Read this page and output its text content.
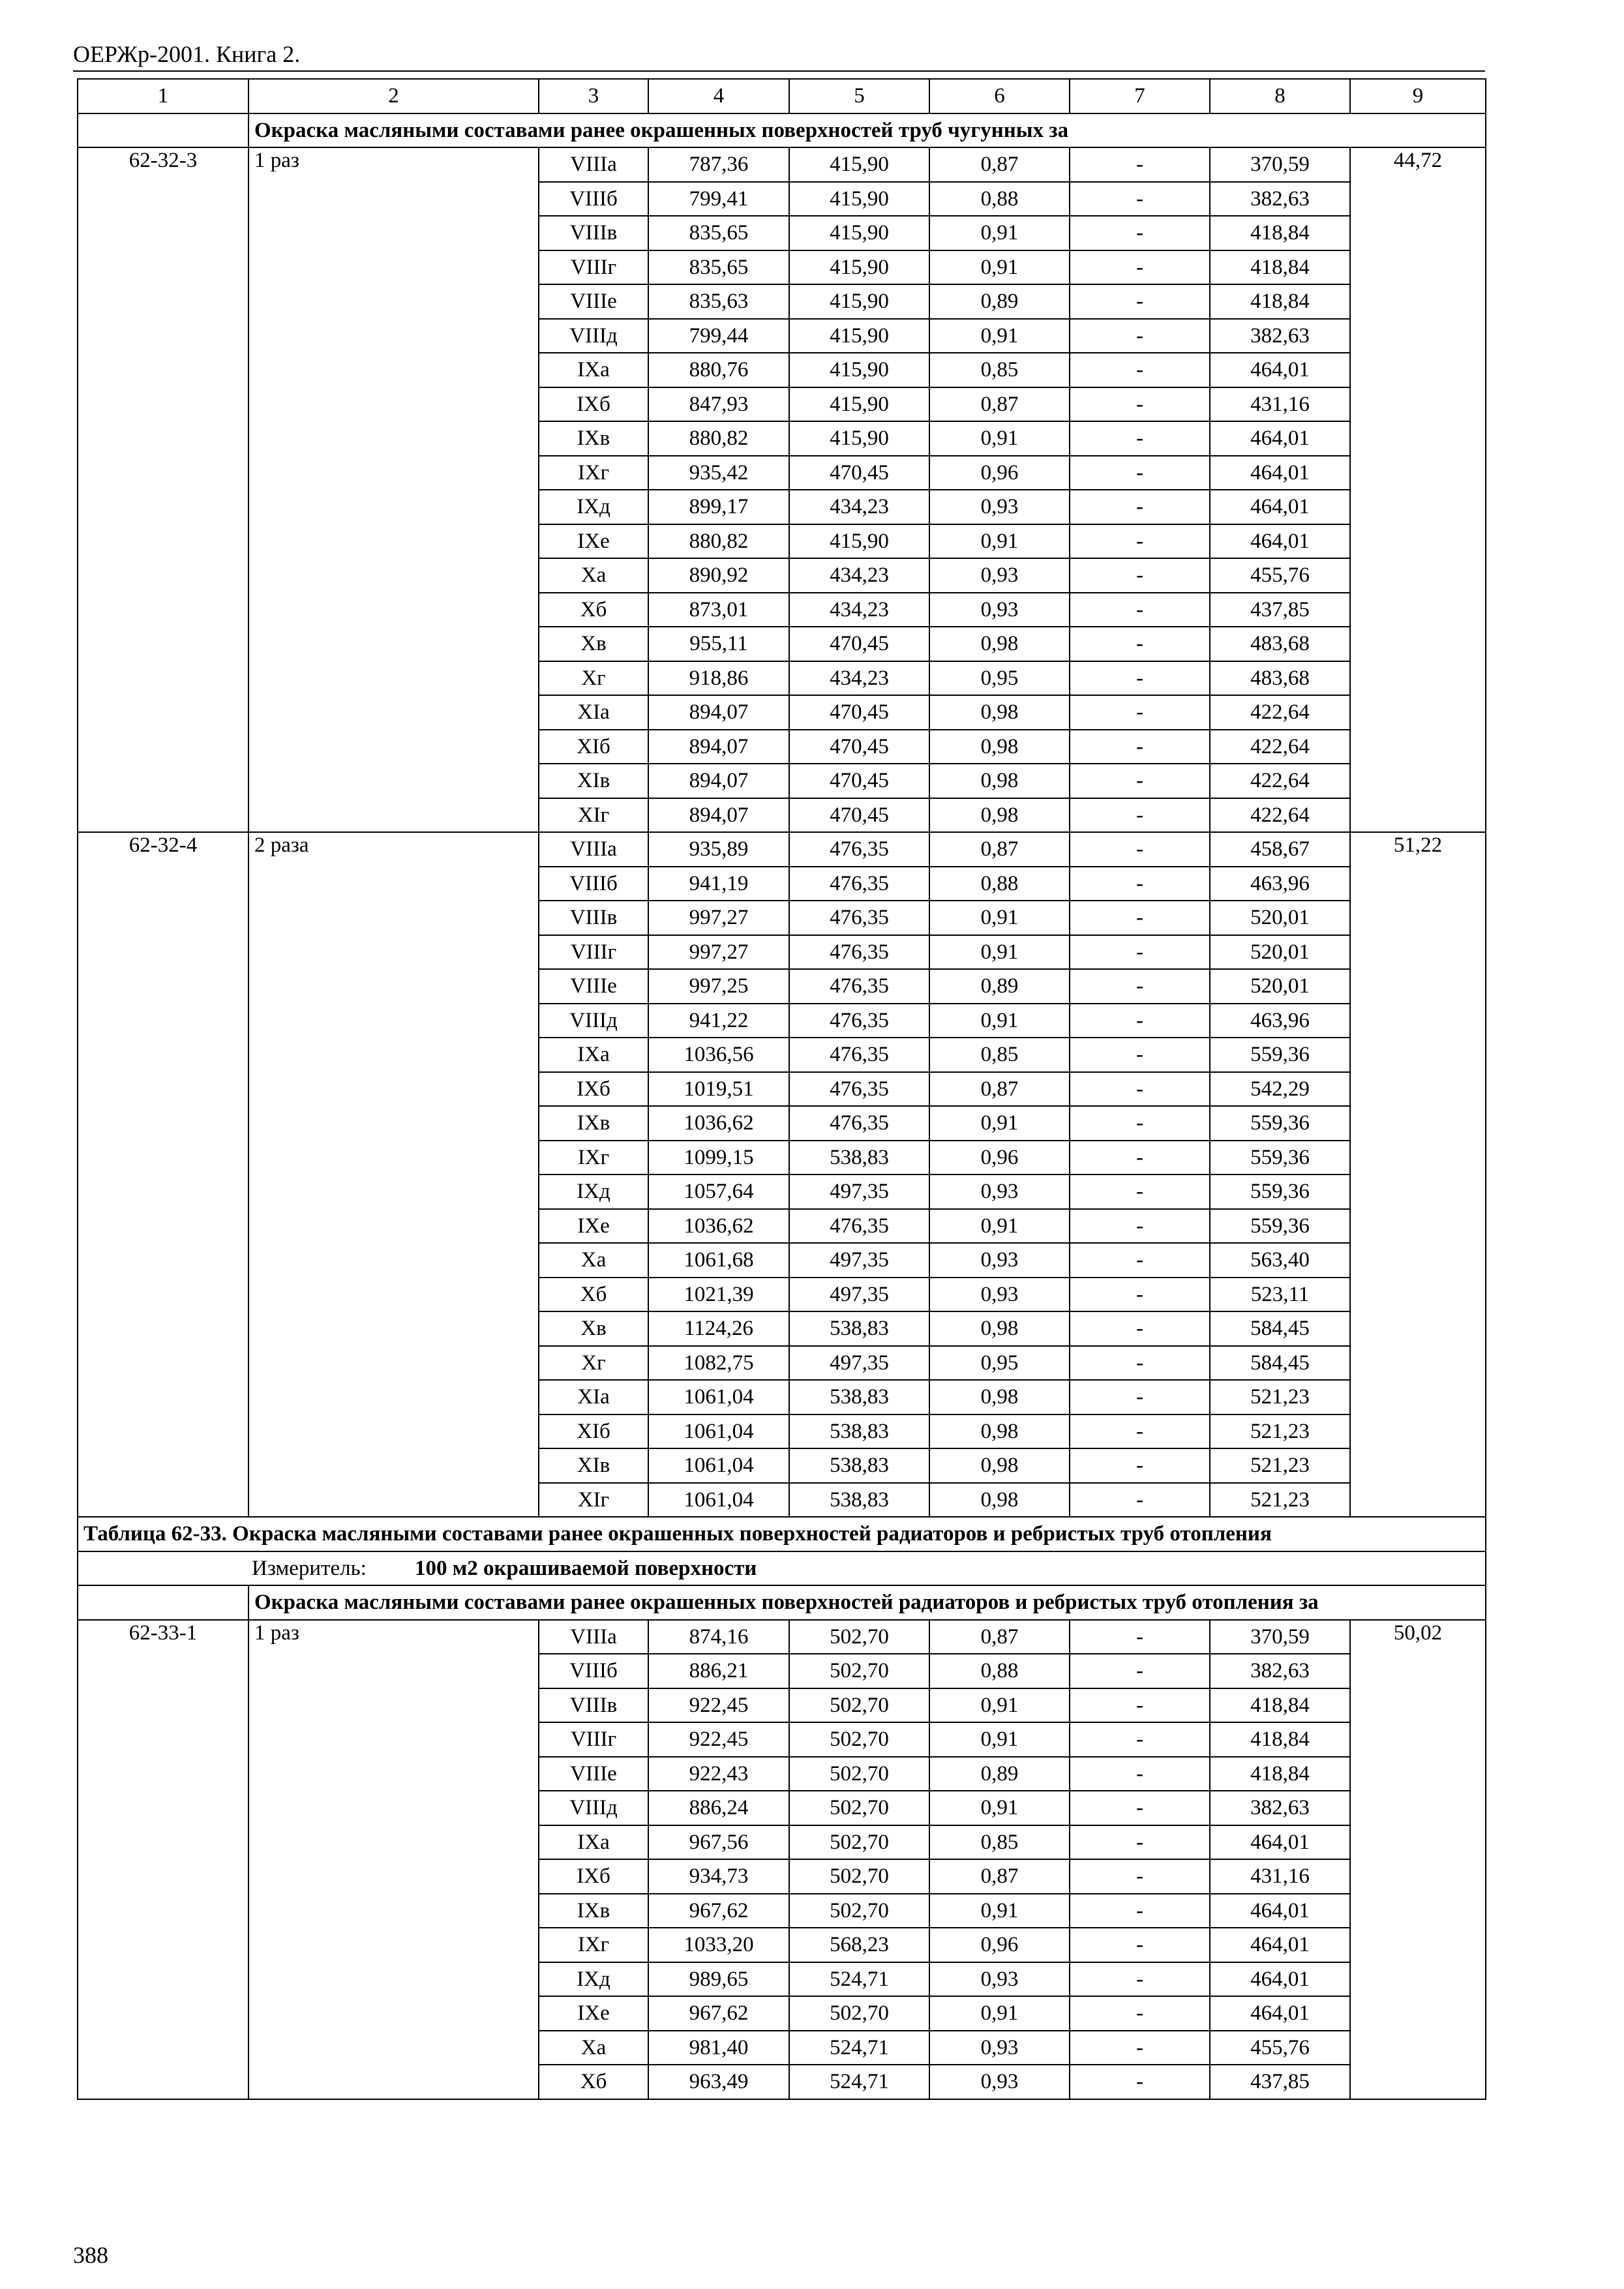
ОЕРЖр-2001. Книга 2.
1	2	3	4	5	6	7	8	9
	Окраска масляными составами ранее окрашенных поверхностей труб чугунных за							
62-32-3	1 раз	VIIIа	787,36	415,90	0,87	-	370,59	44,72
		VIIIб	799,41	415,90	0,88	-	382,63	
		VIIIв	835,65	415,90	0,91	-	418,84	
		VIIIг	835,65	415,90	0,91	-	418,84	
		VIIIе	835,63	415,90	0,89	-	418,84	
		VIIIд	799,44	415,90	0,91	-	382,63	
		IXа	880,76	415,90	0,85	-	464,01	
		IXб	847,93	415,90	0,87	-	431,16	
		IXв	880,82	415,90	0,91	-	464,01	
		IXг	935,42	470,45	0,96	-	464,01	
		IXд	899,17	434,23	0,93	-	464,01	
		IXе	880,82	415,90	0,91	-	464,01	
		Xа	890,92	434,23	0,93	-	455,76	
		Xб	873,01	434,23	0,93	-	437,85	
		Xв	955,11	470,45	0,98	-	483,68	
		Xг	918,86	434,23	0,95	-	483,68	
		XIа	894,07	470,45	0,98	-	422,64	
		XIб	894,07	470,45	0,98	-	422,64	
		XIв	894,07	470,45	0,98	-	422,64	
		XIг	894,07	470,45	0,98	-	422,64	
62-32-4	2 раза	VIIIа	935,89	476,35	0,87	-	458,67	51,22
		VIIIб	941,19	476,35	0,88	-	463,96	
		VIIIв	997,27	476,35	0,91	-	520,01	
		VIIIг	997,27	476,35	0,91	-	520,01	
		VIIIе	997,25	476,35	0,89	-	520,01	
		VIIIд	941,22	476,35	0,91	-	463,96	
		IXа	1036,56	476,35	0,85	-	559,36	
		IXб	1019,51	476,35	0,87	-	542,29	
		IXв	1036,62	476,35	0,91	-	559,36	
		IXг	1099,15	538,83	0,96	-	559,36	
		IXд	1057,64	497,35	0,93	-	559,36	
		IXе	1036,62	476,35	0,91	-	559,36	
		Xа	1061,68	497,35	0,93	-	563,40	
		Xб	1021,39	497,35	0,93	-	523,11	
		Xв	1124,26	538,83	0,98	-	584,45	
		Xг	1082,75	497,35	0,95	-	584,45	
		XIа	1061,04	538,83	0,98	-	521,23	
		XIб	1061,04	538,83	0,98	-	521,23	
		XIв	1061,04	538,83	0,98	-	521,23	
		XIг	1061,04	538,83	0,98	-	521,23	
Таблица 62-33. Окраска масляными составами ранее окрашенных поверхностей радиаторов и ребристых труб отопления								
Измеритель: 100 м2 окрашиваемой поверхности								
	Окраска масляными составами ранее окрашенных поверхностей радиаторов и ребристых труб отопления за							
62-33-1	1 раз	VIIIа	874,16	502,70	0,87	-	370,59	50,02
		VIIIб	886,21	502,70	0,88	-	382,63	
		VIIIв	922,45	502,70	0,91	-	418,84	
		VIIIг	922,45	502,70	0,91	-	418,84	
		VIIIе	922,43	502,70	0,89	-	418,84	
		VIIIд	886,24	502,70	0,91	-	382,63	
		IXа	967,56	502,70	0,85	-	464,01	
		IXб	934,73	502,70	0,87	-	431,16	
		IXв	967,62	502,70	0,91	-	464,01	
		IXг	1033,20	568,23	0,96	-	464,01	
		IXд	989,65	524,71	0,93	-	464,01	
		IXе	967,62	502,70	0,91	-	464,01	
		Xа	981,40	524,71	0,93	-	455,76	
		Xб	963,49	524,71	0,93	-	437,85	
388
